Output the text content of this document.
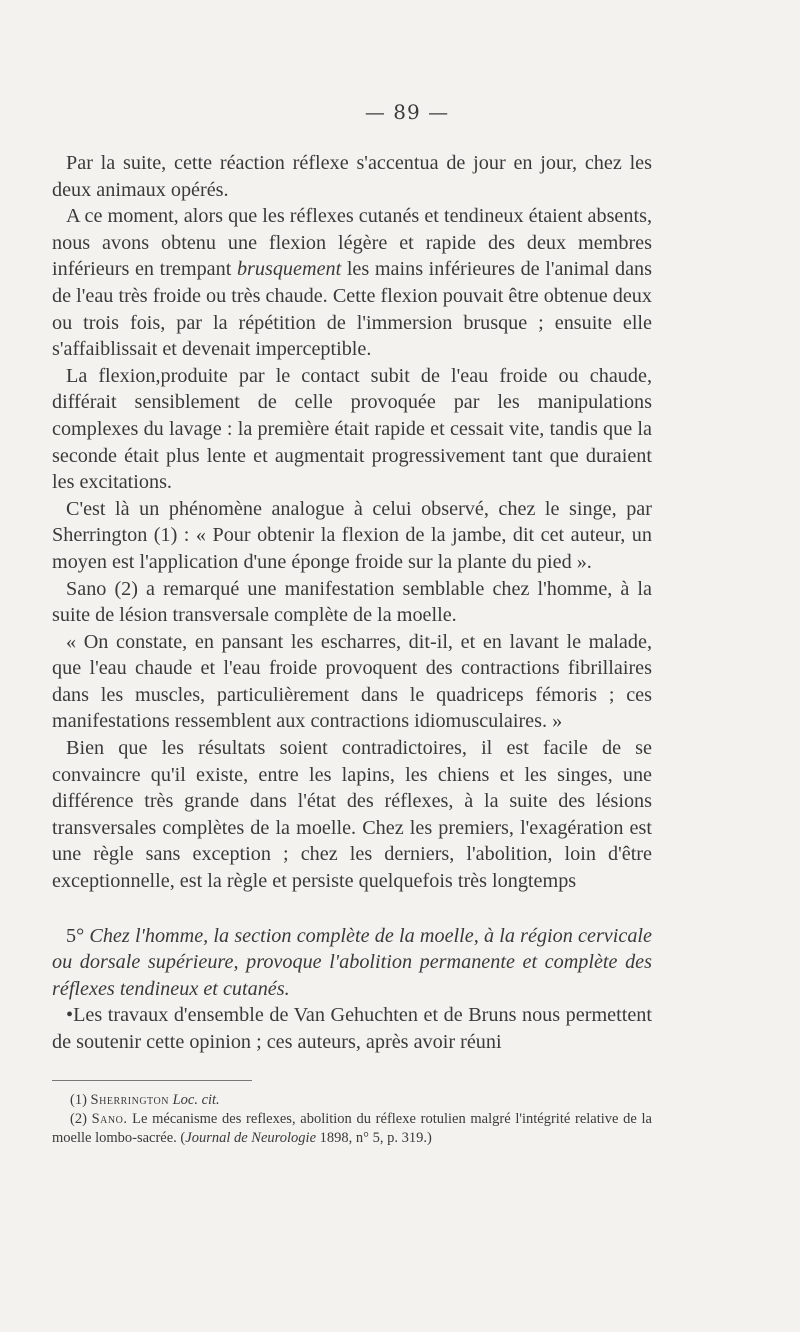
— 89 —

Par la suite, cette réaction réflexe s'accentua de jour en jour, chez les deux animaux opérés.

A ce moment, alors que les réflexes cutanés et tendineux étaient absents, nous avons obtenu une flexion légère et rapide des deux membres inférieurs en trempant brusquement les mains inférieures de l'animal dans de l'eau très froide ou très chaude. Cette flexion pouvait être obtenue deux ou trois fois, par la répétition de l'immersion brusque ; ensuite elle s'affaiblissait et devenait imperceptible.

La flexion,produite par le contact subit de l'eau froide ou chaude, différait sensiblement de celle provoquée par les manipulations complexes du lavage : la première était rapide et cessait vite, tandis que la seconde était plus lente et augmentait progressivement tant que duraient les excitations.

C'est là un phénomène analogue à celui observé, chez le singe, par Sherrington (1) : « Pour obtenir la flexion de la jambe, dit cet auteur, un moyen est l'application d'une éponge froide sur la plante du pied ».

Sano (2) a remarqué une manifestation semblable chez l'homme, à la suite de lésion transversale complète de la moelle.

« On constate, en pansant les escharres, dit-il, et en lavant le malade, que l'eau chaude et l'eau froide provoquent des contractions fibrillaires dans les muscles, particulièrement dans le quadriceps fémoris ; ces manifestations ressemblent aux contractions idiomusculaires. »

Bien que les résultats soient contradictoires, il est facile de se convaincre qu'il existe, entre les lapins, les chiens et les singes, une différence très grande dans l'état des réflexes, à la suite des lésions transversales complètes de la moelle. Chez les premiers, l'exagération est une règle sans exception ; chez les derniers, l'abolition, loin d'être exceptionnelle, est la règle et persiste quelquefois très longtemps

5° Chez l'homme, la section complète de la moelle, à la région cervicale ou dorsale supérieure, provoque l'abolition permanente et complète des réflexes tendineux et cutanés.

•Les travaux d'ensemble de Van Gehuchten et de Bruns nous permettent de soutenir cette opinion ; ces auteurs, après avoir réuni

(1) Sherrington Loc. cit.

(2) Sano. Le mécanisme des reflexes, abolition du réflexe rotulien malgré l'intégrité relative de la moelle lombo-sacrée. (Journal de Neurologie 1898, n° 5, p. 319.)
